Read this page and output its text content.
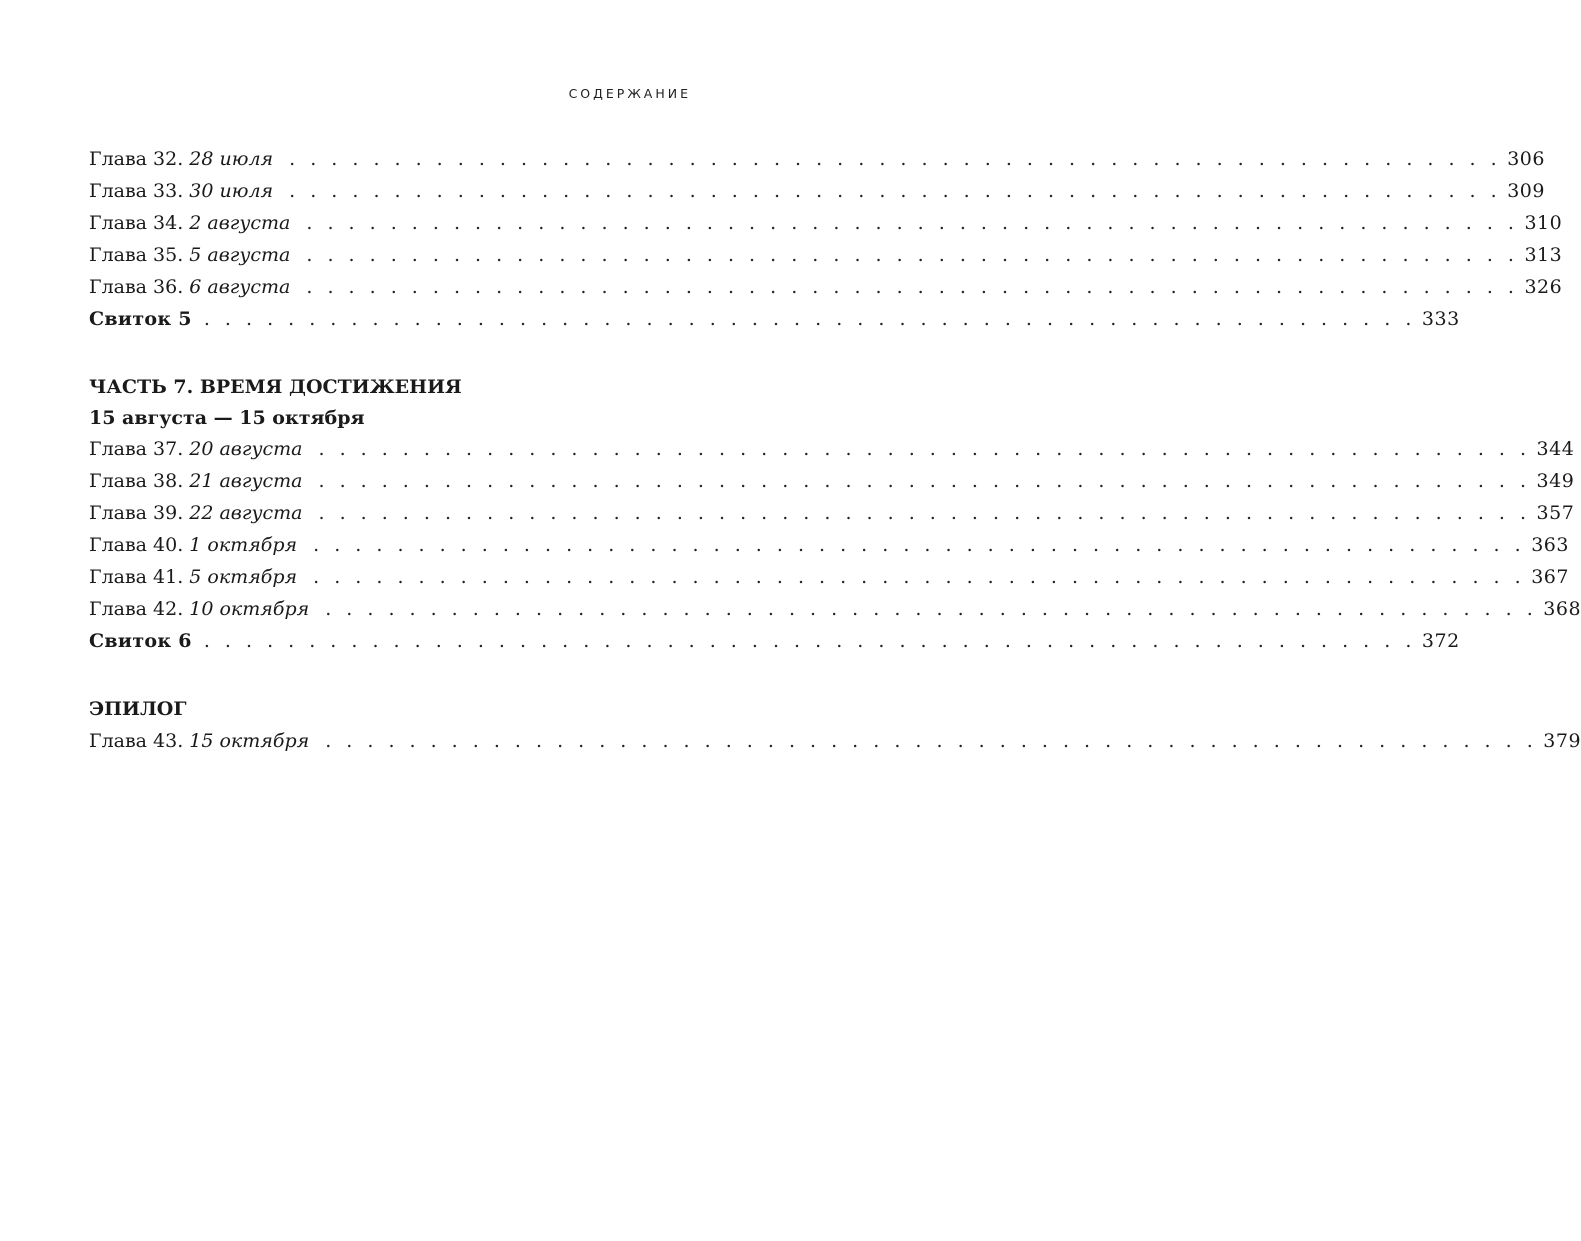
СОДЕРЖАНИЕ
Глава 32. 28 июля . . . . . . . . . . . . . . . . . . . . . . . . . . . . . . . . . . . . . . . . . . . . . . . . . . . . . . . . . . 306
Глава 33. 30 июля . . . . . . . . . . . . . . . . . . . . . . . . . . . . . . . . . . . . . . . . . . . . . . . . . . . . . . . . . . 309
Глава 34. 2 августа . . . . . . . . . . . . . . . . . . . . . . . . . . . . . . . . . . . . . . . . . . . . . . . . . . . . . . . . . . 310
Глава 35. 5 августа . . . . . . . . . . . . . . . . . . . . . . . . . . . . . . . . . . . . . . . . . . . . . . . . . . . . . . . . . . 313
Глава 36. 6 августа . . . . . . . . . . . . . . . . . . . . . . . . . . . . . . . . . . . . . . . . . . . . . . . . . . . . . . . . . . 326
Свиток 5 . . . . . . . . . . . . . . . . . . . . . . . . . . . . . . . . . . . . . . . . . . . . . . . . . . . . . . . . . . 333
ЧАСТЬ 7. ВРЕМЯ ДОСТИЖЕНИЯ
15 августа — 15 октября
Глава 37. 20 августа . . . . . . . . . . . . . . . . . . . . . . . . . . . . . . . . . . . . . . . . . . . . . . . . . . . . . . . . . . 344
Глава 38. 21 августа . . . . . . . . . . . . . . . . . . . . . . . . . . . . . . . . . . . . . . . . . . . . . . . . . . . . . . . . . . 349
Глава 39. 22 августа . . . . . . . . . . . . . . . . . . . . . . . . . . . . . . . . . . . . . . . . . . . . . . . . . . . . . . . . . . 357
Глава 40. 1 октября . . . . . . . . . . . . . . . . . . . . . . . . . . . . . . . . . . . . . . . . . . . . . . . . . . . . . . . . . . 363
Глава 41. 5 октября . . . . . . . . . . . . . . . . . . . . . . . . . . . . . . . . . . . . . . . . . . . . . . . . . . . . . . . . . . 367
Глава 42. 10 октября . . . . . . . . . . . . . . . . . . . . . . . . . . . . . . . . . . . . . . . . . . . . . . . . . . . . . . . . . . 368
Свиток 6 . . . . . . . . . . . . . . . . . . . . . . . . . . . . . . . . . . . . . . . . . . . . . . . . . . . . . . . . . . 372
ЭПИЛОГ
Глава 43. 15 октября . . . . . . . . . . . . . . . . . . . . . . . . . . . . . . . . . . . . . . . . . . . . . . . . . . . . . . . . . . 379
